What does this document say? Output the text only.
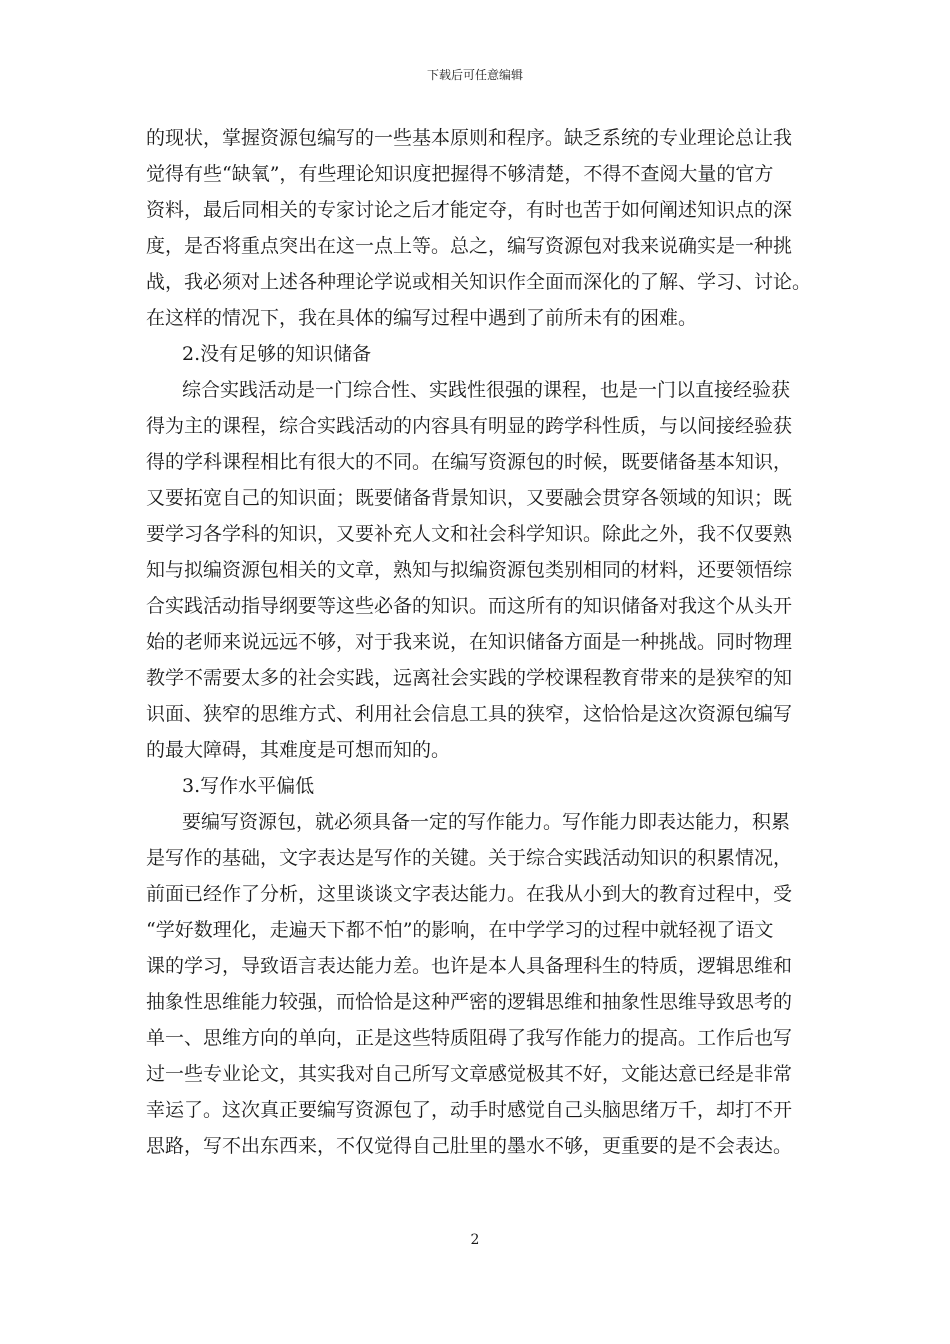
下载后可任意编辑
的现状，掌握资源包编写的一些基本原则和程序。缺乏系统的专业理论总让我
觉得有些“缺氧”，有些理论知识度把握得不够清楚，不得不查阅大量的官方
资料，最后同相关的专家讨论之后才能定夺，有时也苦于如何阐述知识点的深
度，是否将重点突出在这一点上等。总之，编写资源包对我来说确实是一种挑
战，我必须对上述各种理论学说或相关知识作全面而深化的了解、学习、讨论。
在这样的情况下，我在具体的编写过程中遇到了前所未有的困难。
2.没有足够的知识储备
综合实践活动是一门综合性、实践性很强的课程，也是一门以直接经验获
得为主的课程，综合实践活动的内容具有明显的跨学科性质，与以间接经验获
得的学科课程相比有很大的不同。在编写资源包的时候，既要储备基本知识，
又要拓宽自己的知识面；既要储备背景知识，又要融会贯穿各领域的知识；既
要学习各学科的知识，又要补充人文和社会科学知识。除此之外，我不仅要熟
知与拟编资源包相关的文章，熟知与拟编资源包类别相同的材料，还要领悟综
合实践活动指导纲要等这些必备的知识。而这所有的知识储备对我这个从头开
始的老师来说远远不够，对于我来说，在知识储备方面是一种挑战。同时物理
教学不需要太多的社会实践，远离社会实践的学校课程教育带来的是狭窄的知
识面、狭窄的思维方式、利用社会信息工具的狭窄，这恰恰是这次资源包编写
的最大障碍，其难度是可想而知的。
3.写作水平偏低
要编写资源包，就必须具备一定的写作能力。写作能力即表达能力，积累
是写作的基础，文字表达是写作的关键。关于综合实践活动知识的积累情况，
前面已经作了分析，这里谈谈文字表达能力。在我从小到大的教育过程中，受
“学好数理化，走遍天下都不怕”的影响，在中学学习的过程中就轻视了语文
课的学习，导致语言表达能力差。也许是本人具备理科生的特质，逻辑思维和
抽象性思维能力较强，而恰恰是这种严密的逻辑思维和抽象性思维导致思考的
单一、思维方向的单向，正是这些特质阻碍了我写作能力的提高。工作后也写
过一些专业论文，其实我对自己所写文章感觉极其不好，文能达意已经是非常
幸运了。这次真正要编写资源包了，动手时感觉自己头脑思绪万千，却打不开
思路，写不出东西来，不仅觉得自己肚里的墨水不够，更重要的是不会表达。
2
